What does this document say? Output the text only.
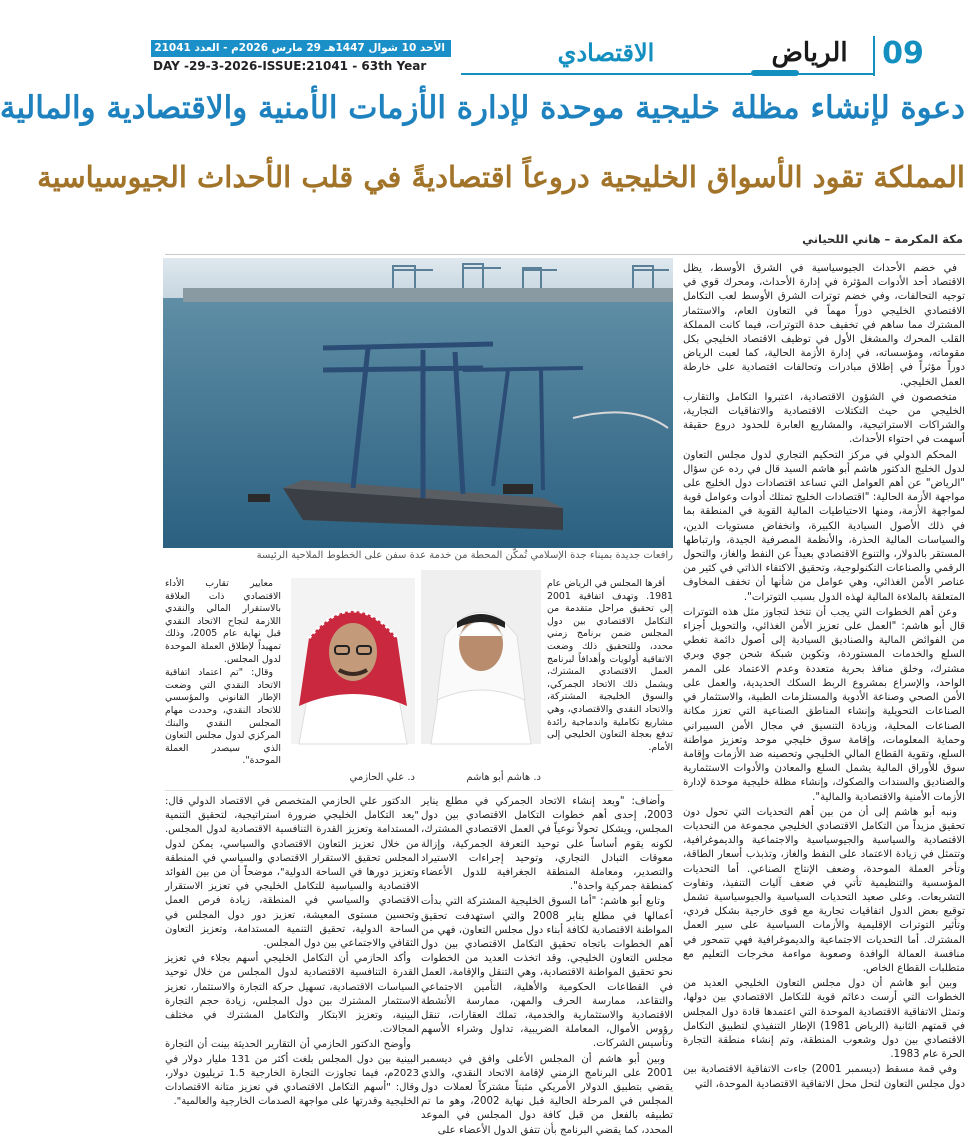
الأحد 10 شوال 1447هـ 29 مارس 2026م - العدد 21041 - السنة الثالثة
DAY -29-3-2026-ISSUE:21041 - 63th Year	الاقتصادي	الرياض	09
دعوة لإنشاء مظلة خليجية موحدة لإدارة الأزمات الأمنية والاقتصادية والمالية
المملكة تقود الأسواق الخليجية دروعاً اقتصاديةً في قلب الأحداث الجيوسياسية
مكة المكرمة – هاني اللحياني
رافعات جديدة بميناء جدة الإسلامي تُمكّن المحطة من خدمة عدة سفن على الخطوط الملاحية الرئيسة

في خضم الأحداث الجيوسياسية في الشرق الأوسط، يظل الاقتصاد أحد الأدوات المؤثرة في إدارة الأحداث، ومحرك قوي في توجيه التحالفات، وفي خضم توترات الشرق الأوسط لعب التكامل الاقتصادي الخليجي دوراً مهماً في التعاون العام، والاستثمار المشترك مما ساهم في تخفيف حدة التوترات، فيما كانت المملكة القلب المحرك والمشغل الأول في توظيف الاقتصاد الخليجي بكل مقوماته، ومؤسساته، في إدارة الأزمة الحالية، كما لعبت الرياض دوراً مؤثراً في إطلاق مبادرات وتحالفات اقتصادية على خارطة العمل الخليجي.

متخصصون في الشؤون الاقتصادية، اعتبروا التكامل والتقارب الخليجي من حيث التكتلات الاقتصادية والاتفاقيات التجارية، والشراكات الاستراتيجية، والمشاريع العابرة للحدود دروع حقيقة أسهمت في احتواء الأحداث.

المحكم الدولي في مركز التحكيم التجاري لدول مجلس التعاون لدول الخليج الدكتور هاشم أبو هاشم السيد قال في رده عن سؤال "الرياض" عن أهم العوامل التي تساعد اقتصادات دول الخليج على مواجهة الأزمة الحالية: "اقتصادات الخليج تمتلك أدوات وعوامل قوية لمواجهة الأزمة، ومنها الاحتياطيات المالية القوية في المنطقة بما في ذلك الأصول السيادية الكبيرة، وانخفاض مستويات الدين، والسياسات المالية الحذرة، والأنظمة المصرفية الجيدة، وارتباطها المستقر بالدولار، والتنوع الاقتصادي بعيداً عن النفط والغاز، والتحول الرقمي والصناعات التكنولوجية، وتحقيق الاكتفاء الذاتي في كثير من عناصر الأمن الغذائي، وهي عوامل من شأنها أن تخفف المخاوف المتعلقة بالملاءة المالية لهذه الدول بسبب التوترات".

وعن أهم الخطوات التي يجب أن تتخذ لتجاوز مثل هذه التوترات قال أبو هاشم: "العمل على تعزيز الأمن الغذائي، والتحويل أجزاء من الفوائض المالية والصناديق السيادية إلى أصول دائمة تغطي السلع والخدمات المستوردة، وتكوين شبكة شحن جوي وبري مشترك، وخلق منافذ بحرية متعددة وعدم الاعتماد على الممر الواحد، والإسراع بمشروع الربط السكك الحديدية، والعمل على الأمن الصحي وصناعة الأدوية والمستلزمات الطبية، والاستثمار في الصناعات التحويلية وإنشاء المناطق الصناعية التي تعزز مكانة الصناعات المحلية، وزيادة التنسيق في مجال الأمن السيبراني وحماية المعلومات، وإقامة سوق خليجي موحد وتعزيز مواطنة السلع، وتقوية القطاع المالي الخليجي وتحصينه ضد الأزمات وإقامة سوق للأوراق المالية يشمل السلع والمعادن والأدوات الاستثمارية والصناديق والسندات والصكوك، وإنشاء مظلة خليجية موحدة لإدارة الأزمات الأمنية والاقتصادية والمالية".

ونبه أبو هاشم إلى أن من بين أهم التحديات التي تحول دون تحقيق مزيداً من التكامل الاقتصادي الخليجي مجموعة من التحديات الاقتصادية والسياسية والجيوسياسية والاجتماعية والديموغرافية، وتتمثل في زيادة الاعتماد على النفط والغاز، وتذبذب أسعار الطاقة، وتأخر العملة الموحدة، وضعف الإنتاج الصناعي. أما التحديات المؤسسية والتنظيمية تأتي في ضعف آليات التنفيذ، وتفاوت التشريعات. وعلى صعيد التحديات السياسية والجيوسياسية تشمل توقيع بعض الدول اتفاقيات تجارية مع قوى خارجية بشكل فردي، وتأثير التوترات الإقليمية والأزمات السياسية على سير العمل المشترك. أما التحديات الاجتماعية والديموغرافية فهي تتمحور في منافسة العمالة الوافدة وصعوبة مواءمة مخرجات التعليم مع متطلبات القطاع الخاص.

وبين أبو هاشم أن دول مجلس التعاون الخليجي العديد من الخطوات التي أرست دعائم قوية للتكامل الاقتصادي بين دولها، وتمثل الاتفاقية الاقتصادية الموحدة التي اعتمدها قادة دول المجلس في قمتهم الثانية (الرياض 1981) الإطار التنفيذي لتطبيق التكامل الاقتصادي بين دول وشعوب المنطقة، وتم إنشاء منطقة التجارة الحرة عام 1983.

وفي قمة مسقط (ديسمبر 2001) جاءت الاتفاقية الاقتصادية بين دول مجلس التعاون لتحل محل الاتفاقية الاقتصادية الموحدة، التي

أقرها المجلس في الرياض عام 1981. وتهدف اتفاقية 2001 إلى تحقيق مراحل متقدمة من التكامل الاقتصادي بين دول المجلس ضمن برنامج زمني محدد، وللتحقيق ذلك وضعت الاتفاقية أولويات وأهدافاً لبرنامج العمل الاقتصادي المشترك، ويشمل ذلك الاتحاد الجمركي، والسوق الخليجية المشتركة، والاتحاد النقدي والاقتصادي، وهي مشاريع تكاملية واندماجية رائدة تدفع بعجلة التعاون الخليجي إلى الأمام.

د. هاشم أبو هاشم
د. علي الحازمي

معايير تقارب الأداء الاقتصادي ذات العلاقة بالاستقرار المالي والنقدي اللازمة لنجاح الاتحاد النقدي قبل نهاية عام 2005، وذلك تمهيداً لإطلاق العملة الموحدة لدول المجلس.

وقال: "تم اعتماد اتفاقية الاتحاد النقدي التي وضعت الإطار القانوني والمؤسسي للاتحاد النقدي، وحددت مهام المجلس النقدي والبنك المركزي لدول مجلس التعاون الذي سيصدر العملة الموحدة".

وأضاف: "ويعد إنشاء الاتحاد الجمركي في مطلع يناير 2003، إحدى أهم خطوات التكامل الاقتصادي بين دول المجلس، ويشكل تحولاً نوعياً في العمل الاقتصادي المشترك، لكونه يقوم أساساً على توحيد التعرفة الجمركية، وإزالة معوقات التبادل التجاري، وتوحيد إجراءات الاستيراد والتصدير، ومعاملة المنطقة الجغرافية للدول الأعضاء كمنطقة جمركية واحدة".

وتابع أبو هاشم: "أما السوق الخليجية المشتركة التي بدأت أعمالها في مطلع يناير 2008 والتي استهدفت تحقيق المواطنة الاقتصادية لكافة أبناء دول مجلس التعاون، فهي من أهم الخطوات باتجاه تحقيق التكامل الاقتصادي بين دول مجلس التعاون الخليجي. وقد اتخذت العديد من الخطوات نحو تحقيق المواطنة الاقتصادية، وهي التنقل والإقامة، العمل في القطاعات الحكومية والأهلية، التأمين الاجتماعي والتقاعد، ممارسة الحرف والمهن، ممارسة الأنشطة الاقتصادية والاستثمارية والخدمية، تملك العقارات، تنقل رؤوس الأموال، المعاملة الضريبية، تداول وشراء الأسهم وتأسيس الشركات.

وبين أبو هاشم أن المجلس الأعلى وافق في ديسمبر 2001 على البرنامج الزمني لإقامة الاتحاد النقدي، والذي يقضي بتطبيق الدولار الأمريكي مثبتاً مشتركاً لعملات دول المجلس في المرحلة الحالية قبل نهاية 2002، وهو ما تم تطبيقه بالفعل من قبل كافة دول المجلس في الموعد المحدد، كما يقضي البرنامج بأن تتفق الدول الأعضاء على

الدكتور علي الحازمي المتخصص في الاقتصاد الدولي قال: "يعد التكامل الخليجي ضرورة استراتيجية، لتحقيق التنمية المستدامة وتعزيز القدرة التنافسية الاقتصادية لدول المجلس. من خلال تعزيز التعاون الاقتصادي والسياسي، يمكن لدول المجلس تحقيق الاستقرار الاقتصادي والسياسي في المنطقة وتعزيز دورها في الساحة الدولية"، موضحاً أن من بين الفوائد الاقتصادية والسياسية للتكامل الخليجي في تعزيز الاستقرار الاقتصادي والسياسي في المنطقة، زيادة فرص العمل وتحسين مستوى المعيشة، تعزيز دور دول المجلس في الساحة الدولية، تحقيق التنمية المستدامة، وتعزيز التعاون الثقافي والاجتماعي بين دول المجلس.

وأكد الحازمي أن التكامل الخليجي أسهم بجلاء في تعزيز القدرة التنافسية الاقتصادية لدول المجلس من خلال توحيد السياسات الاقتصادية، تسهيل حركة التجارة والاستثمار، تعزيز الاستثمار المشترك بين دول المجلس، زيادة حجم التجارة البينية، وتعزيز الابتكار والتكامل المشترك في مختلف المجالات.

وأوضح الدكتور الحازمي أن التقارير الحديثة بينت أن التجارة البينية بين دول المجلس بلغت أكثر من 131 مليار دولار في 2023م، فيما تجاوزت التجارة الخارجية 1.5 تريليون دولار، وقال: "أسهم التكامل الاقتصادي في تعزيز متانة الاقتصادات الخليجية وقدرتها على مواجهة الصدمات الخارجية والعالمية".
